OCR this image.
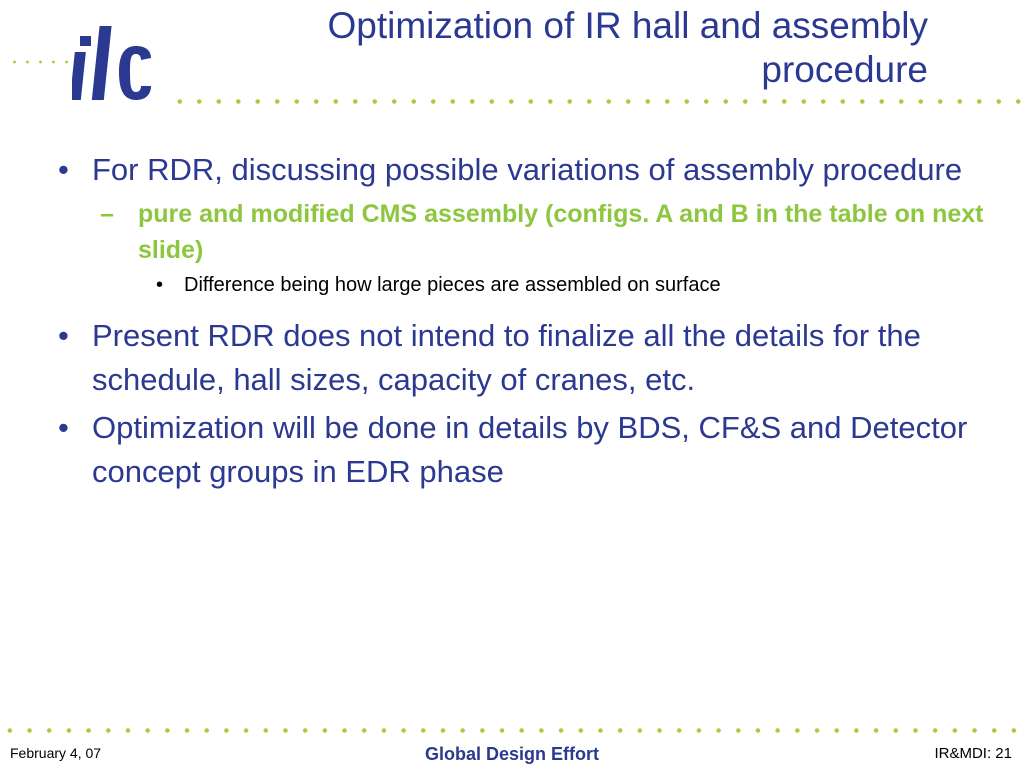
Optimization of IR hall and assembly procedure
• For RDR, discussing possible variations of assembly procedure
– pure and modified CMS assembly (configs. A and B in the table on next slide)
• Difference being how large pieces are assembled on surface
• Present RDR does not intend to finalize all the details for the schedule, hall sizes, capacity of cranes, etc.
• Optimization will be done in details by BDS, CF&S and Detector concept groups in EDR phase
February 4, 07	Global Design Effort	IR&MDI: 21
